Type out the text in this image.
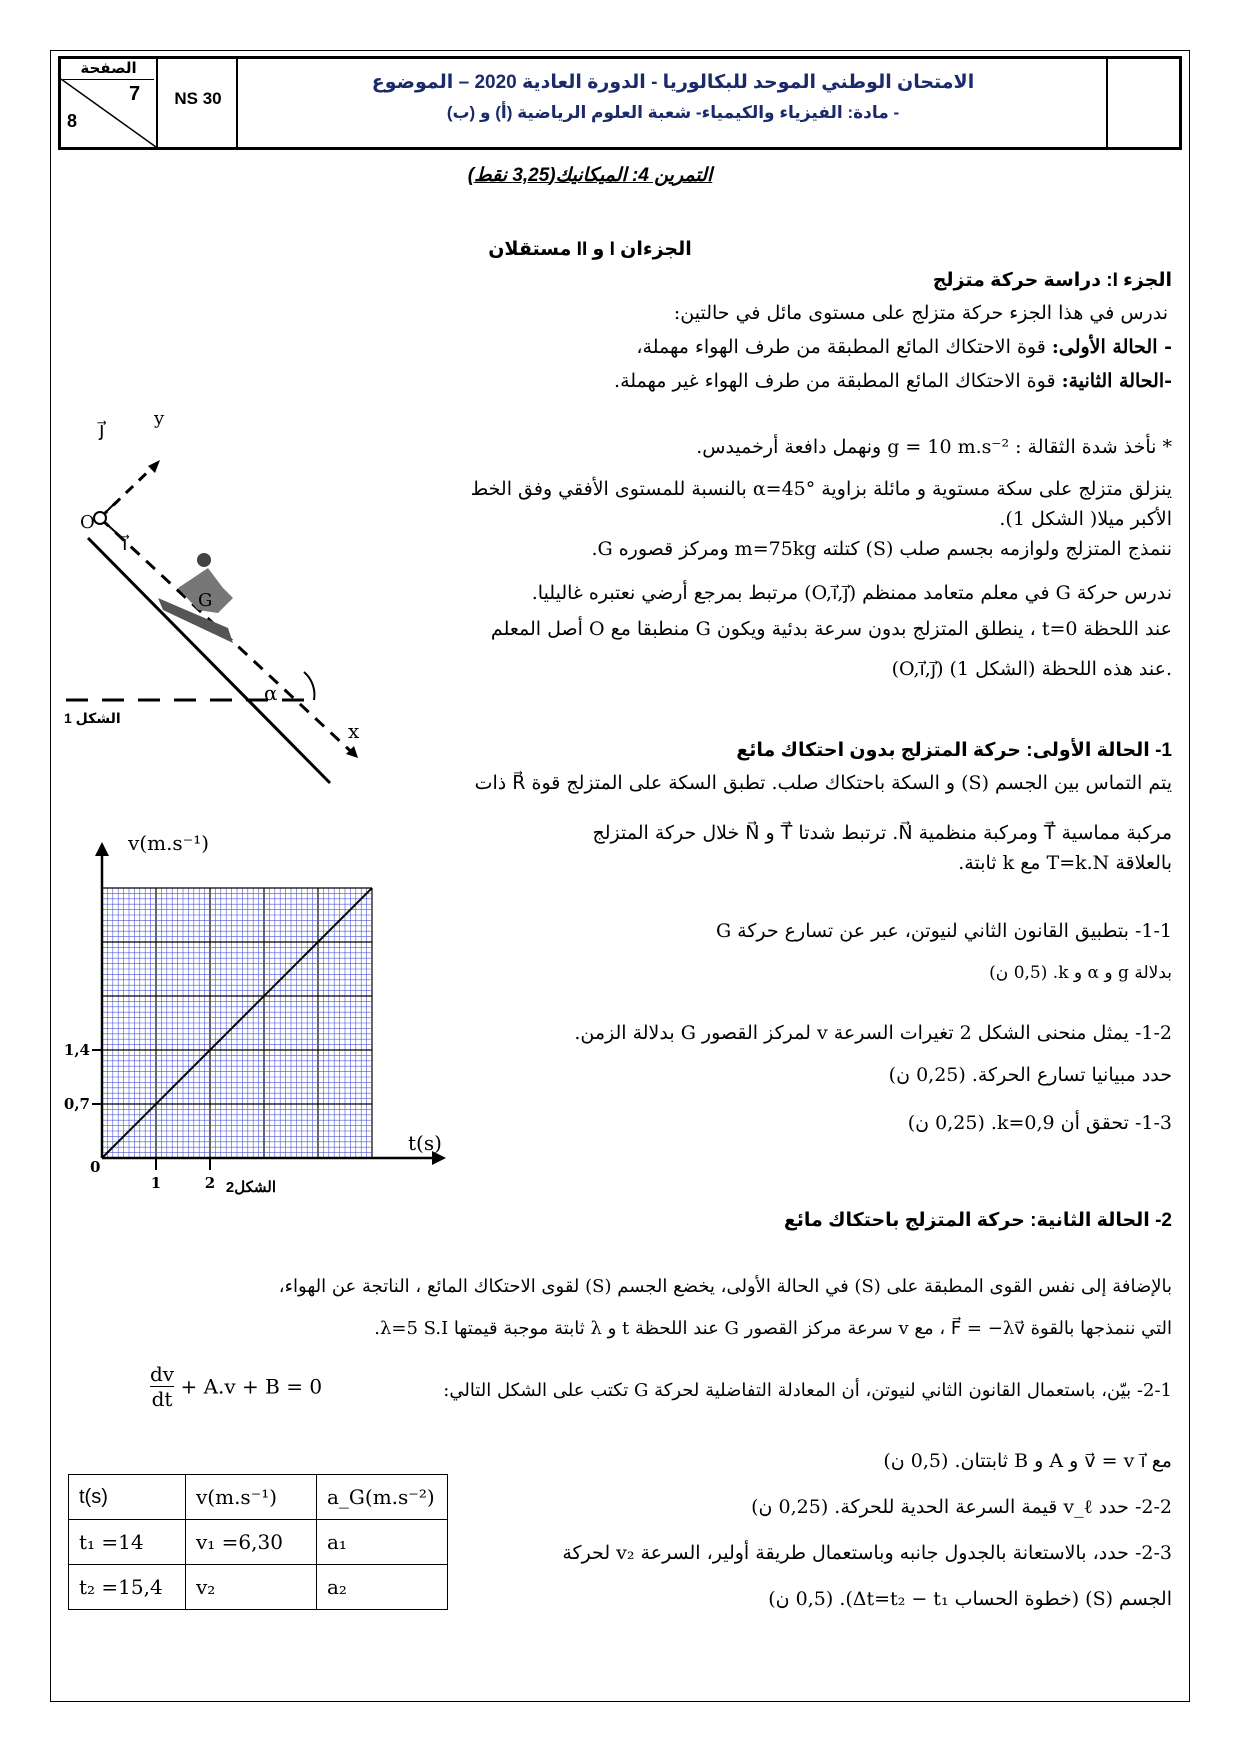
الصفحة
7
8
NS 30
الامتحان الوطني الموحد للبكالوريا - الدورة العادية 2020 – الموضوع
- مادة: الفيزياء والكيمياء- شعبة العلوم الرياضية (أ) و (ب)
التمرين 4: الميكانيك(3,25 نقط)
الجزءان I و II مستقلان
الجزء I: دراسة حركة متزلج
ندرس في هذا الجزء حركة متزلج على مستوى مائل في حالتين:
- الحالة الأولى: قوة الاحتكاك المائع المطبقة من طرف الهواء مهملة،
-الحالة الثانية: قوة الاحتكاك المائع المطبقة من طرف الهواء غير مهملة.
* نأخذ شدة الثقالة : g = 10 m.s⁻² ونهمل دافعة أرخميدس.
ينزلق متزلج على سكة مستوية و مائلة بزاوية α=45° بالنسبة للمستوى الأفقي وفق الخط
الأكبر ميلا( الشكل 1).
ننمذج المتزلج ولوازمه بجسم صلب (S) كتلته m=75kg ومركز قصوره G.
ندرس حركة G في معلم متعامد ممنظم (O,i⃗,j⃗) مرتبط بمرجع أرضي نعتبره غاليليا.
عند اللحظة t=0 ، ينطلق المتزلج بدون سرعة بدئية ويكون G منطبقا مع O أصل المعلم
(O,i⃗,j⃗) (الشكل 1) عند هذه اللحظة.
j⃗	y
O
i⃗
G
x
α
الشكل 1
1- الحالة الأولى: حركة المتزلج بدون احتكاك مائع
يتم التماس بين الجسم (S) و السكة باحتكاك صلب. تطبق السكة على المتزلج قوة R⃗ ذات
مركبة مماسية T⃗ ومركبة منظمية N⃗. ترتبط شدتا T⃗ و N⃗ خلال حركة المتزلج
بالعلاقة T=k.N مع k ثابتة.
1-1- بتطبيق القانون الثاني لنيوتن، عبر عن تسارع حركة G
بدلالة g و α و k. (0,5 ن)
1-2- يمثل منحنى الشكل 2 تغيرات السرعة v لمركز القصور G بدلالة الزمن.
حدد مبيانيا تسارع الحركة. (0,25 ن)
1-3- تحقق أن k=0,9. (0,25 ن)
v(m.s⁻¹)
t(s)
0
1	2
0,7
1,4
الشكل2
2- الحالة الثانية: حركة المتزلج باحتكاك مائع
بالإضافة إلى نفس القوى المطبقة على (S) في الحالة الأولى، يخضع الجسم (S) لقوى الاحتكاك المائع ، الناتجة عن الهواء،
التي ننمذجها بالقوة F⃗ = −λv⃗ ، مع v سرعة مركز القصور G عند اللحظة t و λ ثابتة موجبة قيمتها λ=5 S.I.
$\frac{dv}{dt} + A.v + B = 0$	2-1- بيّن، باستعمال القانون الثاني لنيوتن، أن المعادلة التفاضلية لحركة G تكتب على الشكل التالي:
مع v⃗ = v i⃗ و A و B ثابتتان. (0,5 ن)
2-2- حدد v_ℓ قيمة السرعة الحدية للحركة. (0,25 ن)
2-3- حدد، بالاستعانة بالجدول جانبه وباستعمال طريقة أولير، السرعة v₂ لحركة
الجسم (S) (خطوة الحساب Δt=t₂ − t₁). (0,5 ن)
t(s)	v(m.s⁻¹)	a_G(m.s⁻²)
t₁ =14	v₁ =6,30	a₁
t₂ =15,4	v₂	a₂
